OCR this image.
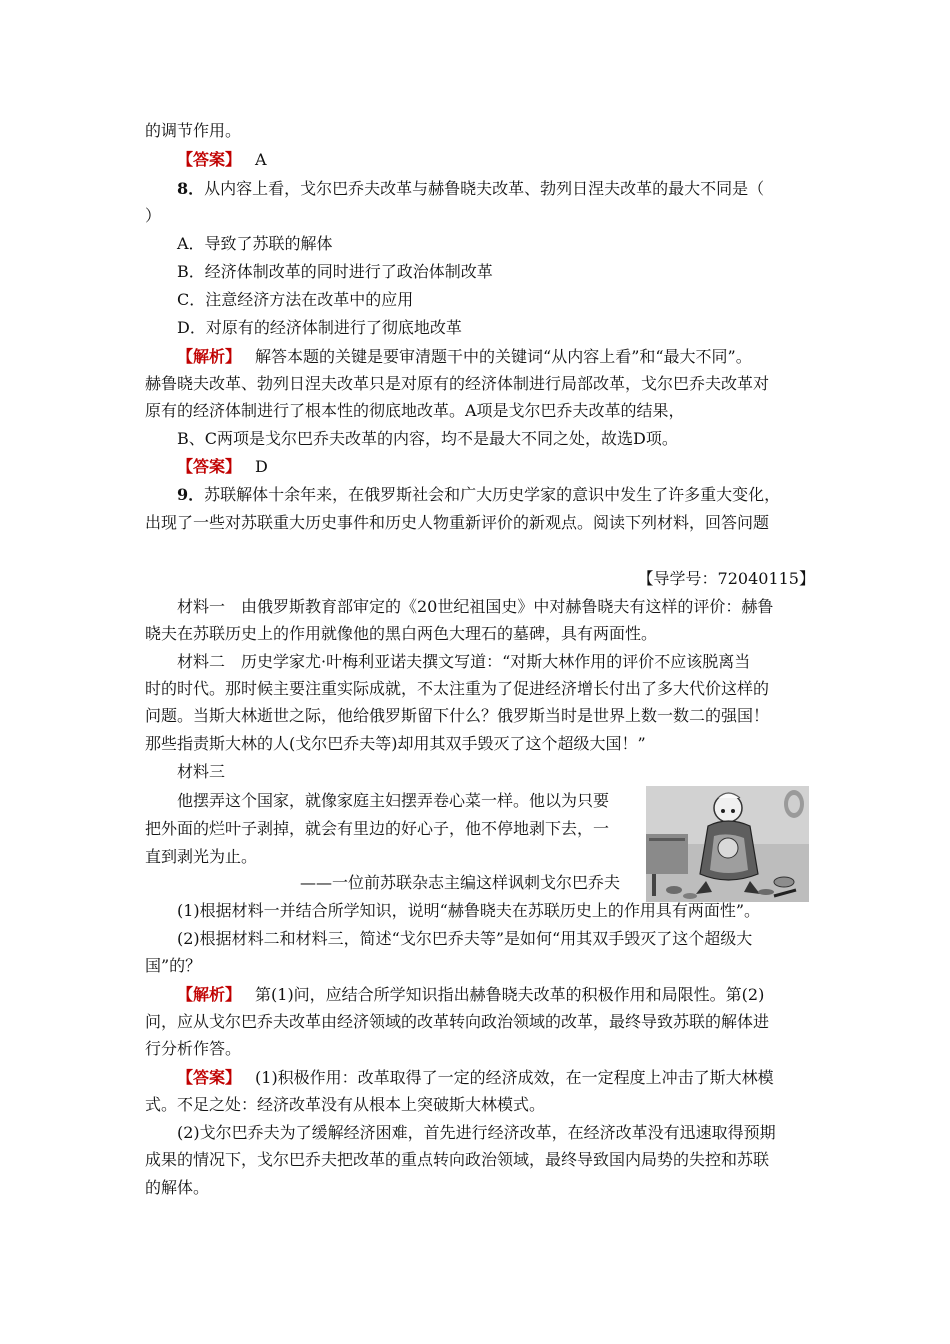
的调节作用。
【答案】 A
8．从内容上看，戈尔巴乔夫改革与赫鲁晓夫改革、勃列日涅夫改革的最大不同是（
）
A．导致了苏联的解体
B．经济体制改革的同时进行了政治体制改革
C．注意经济方法在改革中的应用
D．对原有的经济体制进行了彻底地改革
【解析】 解答本题的关键是要审清题干中的关键词“从内容上看”和“最大不同”。
赫鲁晓夫改革、勃列日涅夫改革只是对原有的经济体制进行局部改革，戈尔巴乔夫改革对
原有的经济体制进行了根本性的彻底地改革。A项是戈尔巴乔夫改革的结果，
B、C两项是戈尔巴乔夫改革的内容，均不是最大不同之处，故选D项。
【答案】 D
9．苏联解体十余年来，在俄罗斯社会和广大历史学家的意识中发生了许多重大变化，
出现了一些对苏联重大历史事件和历史人物重新评价的新观点。阅读下列材料，回答问题
【导学号：72040115】
材料一　由俄罗斯教育部审定的《20世纪祖国史》中对赫鲁晓夫有这样的评价：赫鲁
晓夫在苏联历史上的作用就像他的黑白两色大理石的墓碑，具有两面性。
材料二　历史学家尤·叶梅利亚诺夫撰文写道：“对斯大林作用的评价不应该脱离当
时的时代。那时候主要注重实际成就，不太注重为了促进经济增长付出了多大代价这样的
问题。当斯大林逝世之际，他给俄罗斯留下什么？俄罗斯当时是世界上数一数二的强国！
那些指责斯大林的人(戈尔巴乔夫等)却用其双手毁灭了这个超级大国！”
材料三
他摆弄这个国家，就像家庭主妇摆弄卷心菜一样。他以为只要
把外面的烂叶子剥掉，就会有里边的好心子，他不停地剥下去，一
直到剥光为止。
——一位前苏联杂志主编这样讽刺戈尔巴乔夫
(1)根据材料一并结合所学知识，说明“赫鲁晓夫在苏联历史上的作用具有两面性”。
(2)根据材料二和材料三，简述“戈尔巴乔夫等”是如何“用其双手毁灭了这个超级大
国”的？
【解析】 第(1)问，应结合所学知识指出赫鲁晓夫改革的积极作用和局限性。第(2)
问，应从戈尔巴乔夫改革由经济领域的改革转向政治领域的改革，最终导致苏联的解体进
行分析作答。
【答案】 (1)积极作用：改革取得了一定的经济成效，在一定程度上冲击了斯大林模
式。不足之处：经济改革没有从根本上突破斯大林模式。
(2)戈尔巴乔夫为了缓解经济困难，首先进行经济改革，在经济改革没有迅速取得预期
成果的情况下，戈尔巴乔夫把改革的重点转向政治领域，最终导致国内局势的失控和苏联
的解体。
